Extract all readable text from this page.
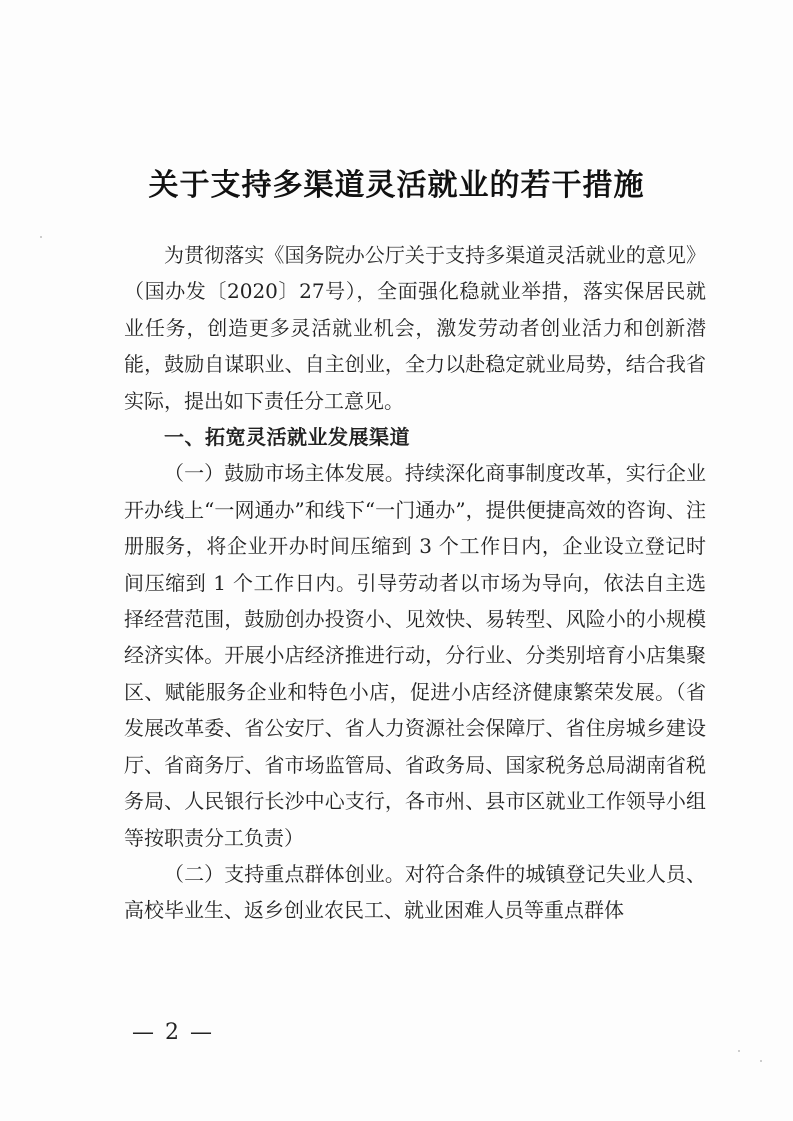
关于支持多渠道灵活就业的若干措施

为贯彻落实《国务院办公厅关于支持多渠道灵活就业的意见》（国办发〔2020〕27号），全面强化稳就业举措，落实保居民就业任务，创造更多灵活就业机会，激发劳动者创业活力和创新潜能，鼓励自谋职业、自主创业，全力以赴稳定就业局势，结合我省实际，提出如下责任分工意见。

一、拓宽灵活就业发展渠道

（一）鼓励市场主体发展。持续深化商事制度改革，实行企业开办线上“一网通办”和线下“一门通办”，提供便捷高效的咨询、注册服务，将企业开办时间压缩到 3 个工作日内，企业设立登记时间压缩到 1 个工作日内。引导劳动者以市场为导向，依法自主选择经营范围，鼓励创办投资小、见效快、易转型、风险小的小规模经济实体。开展小店经济推进行动，分行业、分类别培育小店集聚区、赋能服务企业和特色小店，促进小店经济健康繁荣发展。（省发展改革委、省公安厅、省人力资源社会保障厅、省住房城乡建设厅、省商务厅、省市场监管局、省政务局、国家税务总局湖南省税务局、人民银行长沙中心支行，各市州、县市区就业工作领导小组等按职责分工负责）

（二）支持重点群体创业。对符合条件的城镇登记失业人员、高校毕业生、返乡创业农民工、就业困难人员等重点群体

— 2 —
